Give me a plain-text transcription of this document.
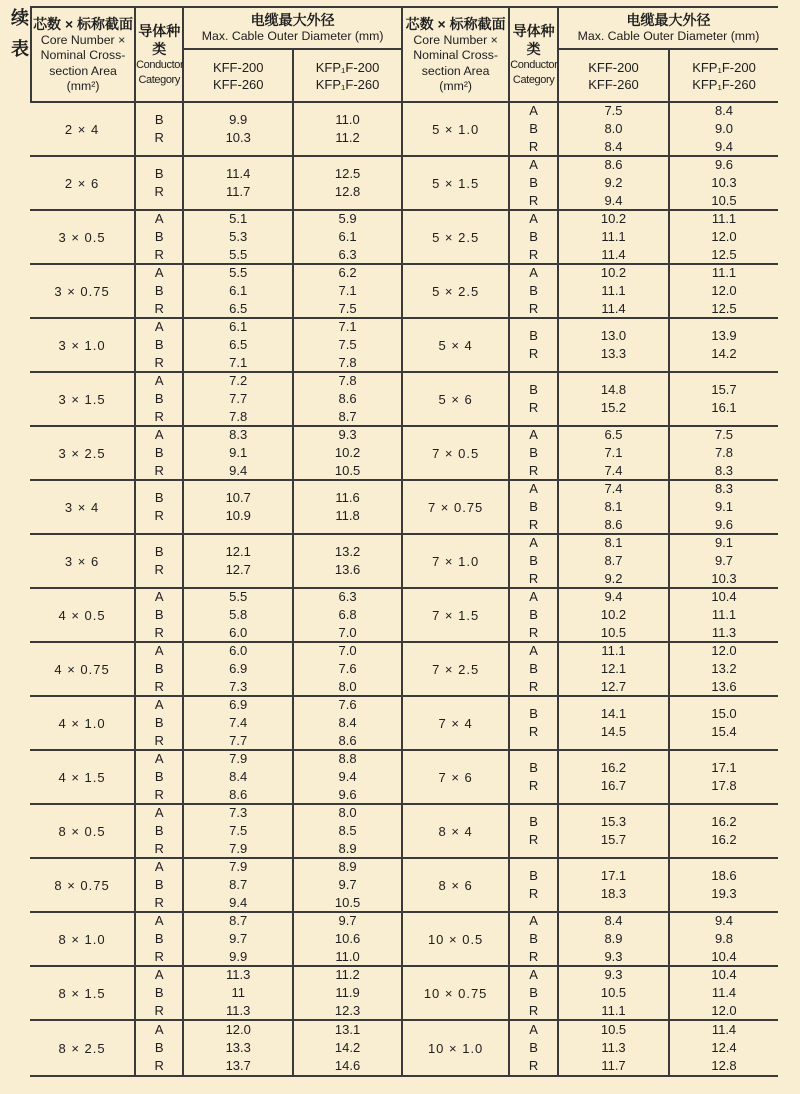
续表
芯数 × 标称截面
Core Number ×
Nominal Cross-
section Area
(mm²)
导体种类
Conductor
Category
电缆最大外径
Max. Cable Outer Diameter (mm)
KFF-200
KFF-260
KFP₁F-200
KFP₁F-260
2 × 4
B
R
9.9
10.3
11.0
11.2
2 × 6
B
R
11.4
11.7
12.5
12.8
3 × 0.5
A
B
R
5.1
5.3
5.5
5.9
6.1
6.3
3 × 0.75
A
B
R
5.5
6.1
6.5
6.2
7.1
7.5
3 × 1.0
A
B
R
6.1
6.5
7.1
7.1
7.5
7.8
3 × 1.5
A
B
R
7.2
7.7
7.8
7.8
8.6
8.7
3 × 2.5
A
B
R
8.3
9.1
9.4
9.3
10.2
10.5
3 × 4
B
R
10.7
10.9
11.6
11.8
3 × 6
B
R
12.1
12.7
13.2
13.6
4 × 0.5
A
B
R
5.5
5.8
6.0
6.3
6.8
7.0
4 × 0.75
A
B
R
6.0
6.9
7.3
7.0
7.6
8.0
4 × 1.0
A
B
R
6.9
7.4
7.7
7.6
8.4
8.6
4 × 1.5
A
B
R
7.9
8.4
8.6
8.8
9.4
9.6
8 × 0.5
A
B
R
7.3
7.5
7.9
8.0
8.5
8.9
8 × 0.75
A
B
R
7.9
8.7
9.4
8.9
9.7
10.5
8 × 1.0
A
B
R
8.7
9.7
9.9
9.7
10.6
11.0
8 × 1.5
A
B
R
11.3
11
11.3
11.2
11.9
12.3
8 × 2.5
A
B
R
12.0
13.3
13.7
13.1
14.2
14.6
芯数 × 标称截面
Core Number ×
Nominal Cross-
section Area
(mm²)
导体种类
Conductor
Category
电缆最大外径
Max. Cable Outer Diameter (mm)
KFF-200
KFF-260
KFP₁F-200
KFP₁F-260
5 × 1.0
A
B
R
7.5
8.0
8.4
8.4
9.0
9.4
5 × 1.5
A
B
R
8.6
9.2
9.4
9.6
10.3
10.5
5 × 2.5
A
B
R
10.2
11.1
11.4
11.1
12.0
12.5
5 × 2.5
A
B
R
10.2
11.1
11.4
11.1
12.0
12.5
5 × 4
B
R
13.0
13.3
13.9
14.2
5 × 6
B
R
14.8
15.2
15.7
16.1
7 × 0.5
A
B
R
6.5
7.1
7.4
7.5
7.8
8.3
7 × 0.75
A
B
R
7.4
8.1
8.6
8.3
9.1
9.6
7 × 1.0
A
B
R
8.1
8.7
9.2
9.1
9.7
10.3
7 × 1.5
A
B
R
9.4
10.2
10.5
10.4
11.1
11.3
7 × 2.5
A
B
R
11.1
12.1
12.7
12.0
13.2
13.6
7 × 4
B
R
14.1
14.5
15.0
15.4
7 × 6
B
R
16.2
16.7
17.1
17.8
8 × 4
B
R
15.3
15.7
16.2
16.2
8 × 6
B
R
17.1
18.3
18.6
19.3
10 × 0.5
A
B
R
8.4
8.9
9.3
9.4
9.8
10.4
10 × 0.75
A
B
R
9.3
10.5
11.1
10.4
11.4
12.0
10 × 1.0
A
B
R
10.5
11.3
11.7
11.4
12.4
12.8
